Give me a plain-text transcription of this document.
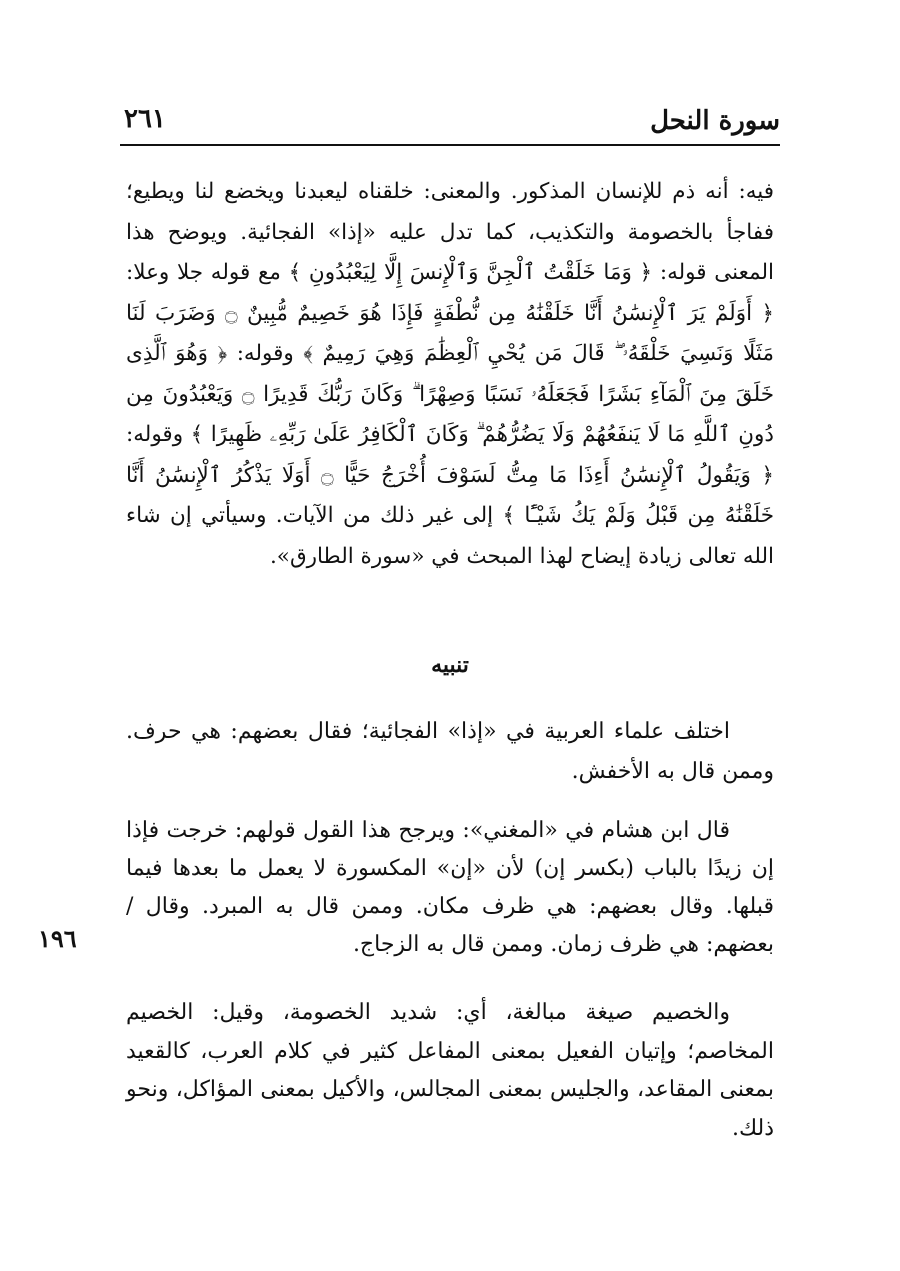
سورة النحل
٢٦١

فيه: أنه ذم للإنسان المذكور. والمعنى: خلقناه ليعبدنا ويخضع لنا ويطيع؛ ففاجأ بالخصومة والتكذيب، كما تدل عليه «إذا» الفجائية. ويوضح هذا المعنى قوله: ﴿ وَمَا خَلَقْتُ ٱلْجِنَّ وَٱلْإِنسَ إِلَّا لِيَعْبُدُونِ ﴾ مع قوله جلا وعلا: ﴿ أَوَلَمْ يَرَ ٱلْإِنسَٰنُ أَنَّا خَلَقْنَٰهُ مِن نُّطْفَةٍ فَإِذَا هُوَ خَصِيمٌ مُّبِينٌ ۝ وَضَرَبَ لَنَا مَثَلًا وَنَسِيَ خَلْقَهُۥ ۖ قَالَ مَن يُحْيِ ٱلْعِظَٰمَ وَهِيَ رَمِيمٌ ﴾ وقوله: ﴿ وَهُوَ ٱلَّذِى خَلَقَ مِنَ ٱلْمَآءِ بَشَرًا فَجَعَلَهُۥ نَسَبًا وَصِهْرًا ۗ وَكَانَ رَبُّكَ قَدِيرًا ۝ وَيَعْبُدُونَ مِن دُونِ ٱللَّهِ مَا لَا يَنفَعُهُمْ وَلَا يَضُرُّهُمْ ۗ وَكَانَ ٱلْكَافِرُ عَلَىٰ رَبِّهِۦ ظَهِيرًا ﴾ وقوله: ﴿ وَيَقُولُ ٱلْإِنسَٰنُ أَءِذَا مَا مِتُّ لَسَوْفَ أُخْرَجُ حَيًّا ۝ أَوَلَا يَذْكُرُ ٱلْإِنسَٰنُ أَنَّا خَلَقْنَٰهُ مِن قَبْلُ وَلَمْ يَكُ شَيْـًٔا ﴾ إلى غير ذلك من الآيات. وسيأتي إن شاء الله تعالى زيادة إيضاح لهذا المبحث في «سورة الطارق».

تنبيه

اختلف علماء العربية في «إذا» الفجائية؛ فقال بعضهم: هي حرف. وممن قال به الأخفش.

قال ابن هشام في «المغني»: ويرجح هذا القول قولهم: خرجت فإذا إن زيدًا بالباب (بكسر إن) لأن «إن» المكسورة لا يعمل ما بعدها فيما قبلها. وقال بعضهم: هي ظرف مكان. وممن قال به المبرد. وقال / بعضهم: هي ظرف زمان. وممن قال به الزجاج.

١٩٦

والخصيم صيغة مبالغة، أي: شديد الخصومة، وقيل: الخصيم المخاصم؛ وإتيان الفعيل بمعنى المفاعل كثير في كلام العرب، كالقعيد بمعنى المقاعد، والجليس بمعنى المجالس، والأكيل بمعنى المؤاكل، ونحو ذلك.
